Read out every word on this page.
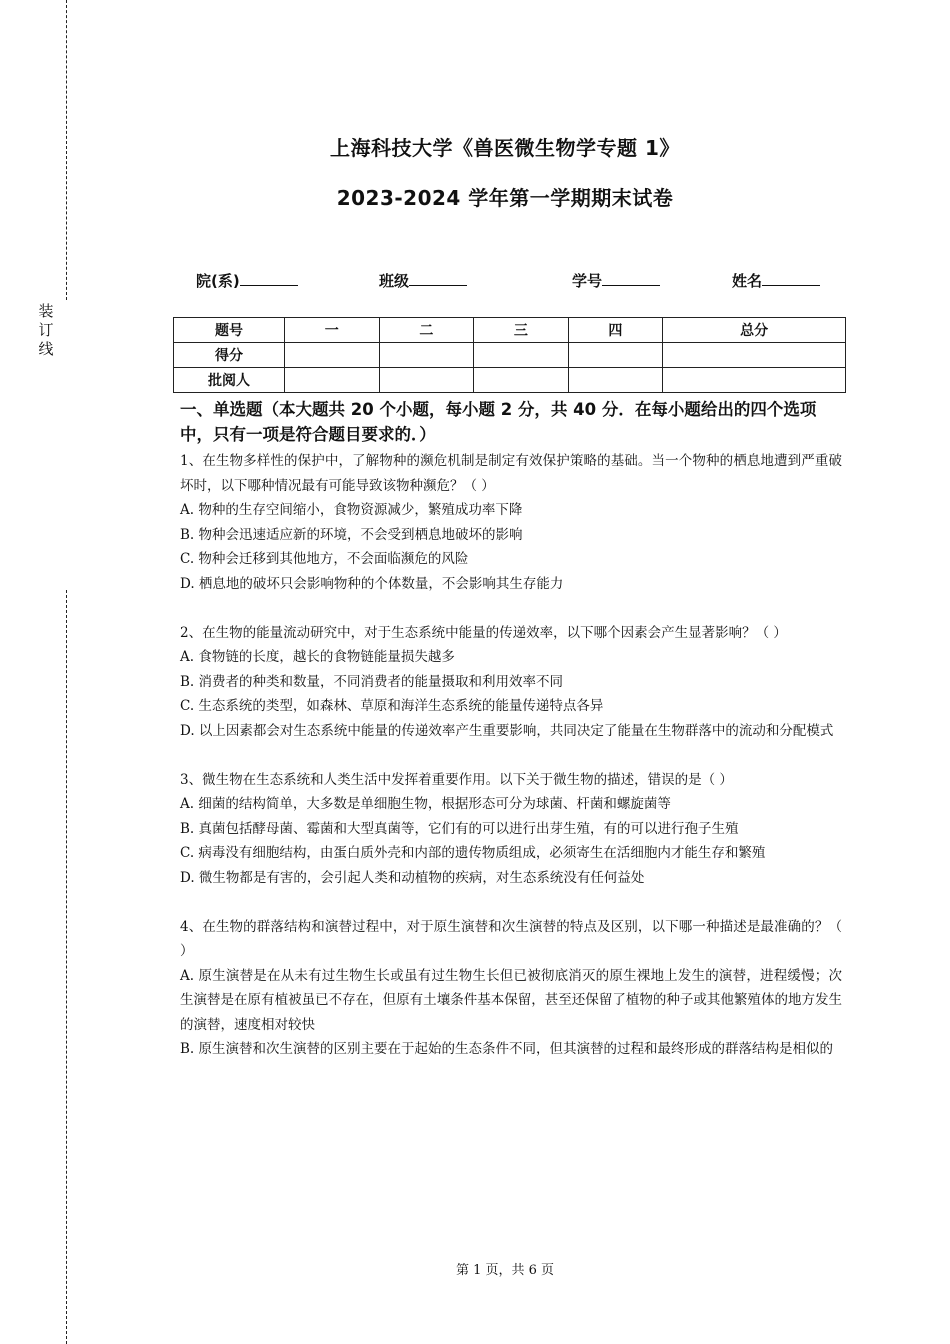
装
订
线
上海科技大学《兽医微生物学专题 1》
2023-2024 学年第一学期期末试卷
院(系)	班级	学号	姓名
题号	一	二	三	四	总分
得分					
批阅人					
一、单选题（本大题共 20 个小题，每小题 2 分，共 40 分．在每小题给出的四个选项中，只有一项是符合题目要求的．）

1、在生物多样性的保护中，了解物种的濒危机制是制定有效保护策略的基础。当一个物种的栖息地遭到严重破坏时，以下哪种情况最有可能导致该物种濒危？（ ）

A. 物种的生存空间缩小，食物资源减少，繁殖成功率下降

B. 物种会迅速适应新的环境，不会受到栖息地破坏的影响

C. 物种会迁移到其他地方，不会面临濒危的风险

D. 栖息地的破坏只会影响物种的个体数量，不会影响其生存能力

2、在生物的能量流动研究中，对于生态系统中能量的传递效率，以下哪个因素会产生显著影响？（ ）

A. 食物链的长度，越长的食物链能量损失越多

B. 消费者的种类和数量，不同消费者的能量摄取和利用效率不同

C. 生态系统的类型，如森林、草原和海洋生态系统的能量传递特点各异

D. 以上因素都会对生态系统中能量的传递效率产生重要影响，共同决定了能量在生物群落中的流动和分配模式

3、微生物在生态系统和人类生活中发挥着重要作用。以下关于微生物的描述，错误的是（ ）

A. 细菌的结构简单，大多数是单细胞生物，根据形态可分为球菌、杆菌和螺旋菌等

B. 真菌包括酵母菌、霉菌和大型真菌等，它们有的可以进行出芽生殖，有的可以进行孢子生殖

C. 病毒没有细胞结构，由蛋白质外壳和内部的遗传物质组成，必须寄生在活细胞内才能生存和繁殖

D. 微生物都是有害的，会引起人类和动植物的疾病，对生态系统没有任何益处

4、在生物的群落结构和演替过程中，对于原生演替和次生演替的特点及区别，以下哪一种描述是最准确的？（ ）

A. 原生演替是在从未有过生物生长或虽有过生物生长但已被彻底消灭的原生裸地上发生的演替，进程缓慢；次生演替是在原有植被虽已不存在，但原有土壤条件基本保留，甚至还保留了植物的种子或其他繁殖体的地方发生的演替，速度相对较快

B. 原生演替和次生演替的区别主要在于起始的生态条件不同，但其演替的过程和最终形成的群落结构是相似的

第 1 页，共 6 页
